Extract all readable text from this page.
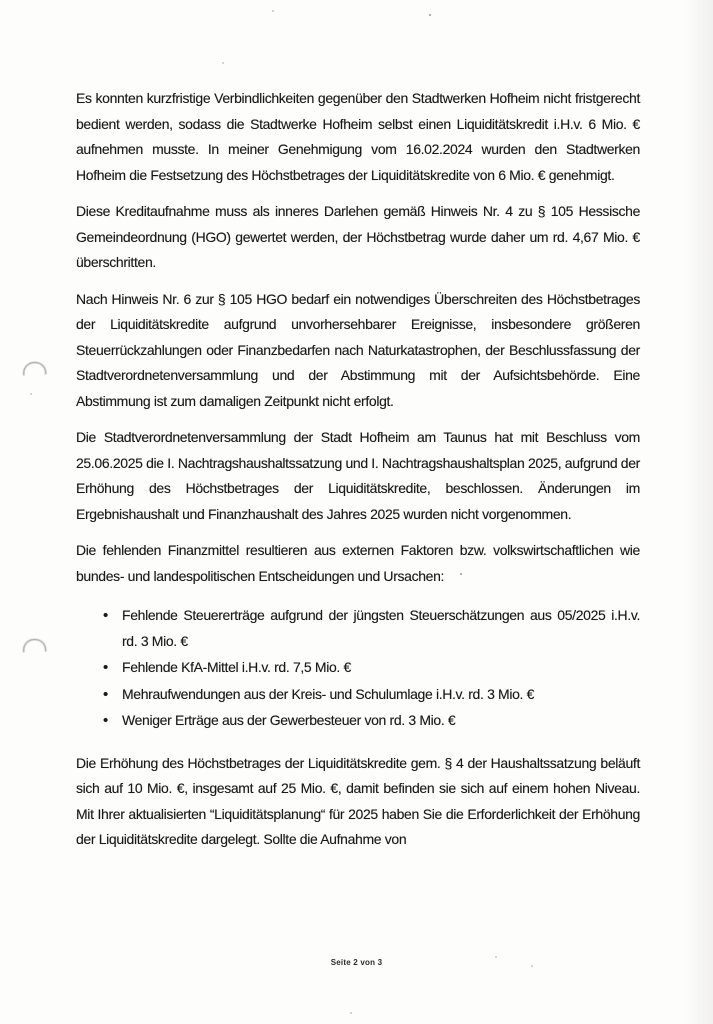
Es konnten kurzfristige Verbindlichkeiten gegenüber den Stadtwerken Hofheim nicht fristgerecht bedient werden, sodass die Stadtwerke Hofheim selbst einen Liquiditätskredit i.H.v. 6 Mio. € aufnehmen musste. In meiner Genehmigung vom 16.02.2024 wurden den Stadtwerken Hofheim die Festsetzung des Höchstbetrages der Liquiditätskredite von 6 Mio. € genehmigt.

Diese Kreditaufnahme muss als inneres Darlehen gemäß Hinweis Nr. 4 zu § 105 Hessische Gemeindeordnung (HGO) gewertet werden, der Höchstbetrag wurde daher um rd. 4,67 Mio. € überschritten.

Nach Hinweis Nr. 6 zur § 105 HGO bedarf ein notwendiges Überschreiten des Höchstbetrages der Liquiditätskredite aufgrund unvorhersehbarer Ereignisse, insbesondere größeren Steuerrückzahlungen oder Finanzbedarfen nach Naturkatastrophen, der Beschlussfassung der Stadtverordnetenversammlung und der Abstimmung mit der Aufsichtsbehörde. Eine Abstimmung ist zum damaligen Zeitpunkt nicht erfolgt.

Die Stadtverordnetenversammlung der Stadt Hofheim am Taunus hat mit Beschluss vom 25.06.2025 die I. Nachtragshaushaltssatzung und I. Nachtragshaushaltsplan 2025, aufgrund der Erhöhung des Höchstbetrages der Liquiditätskredite, beschlossen. Änderungen im Ergebnishaushalt und Finanzhaushalt des Jahres 2025 wurden nicht vorgenommen.

Die fehlenden Finanzmittel resultieren aus externen Faktoren bzw. volkswirtschaftlichen wie bundes- und landespolitischen Entscheidungen und Ursachen:

• Fehlende Steuererträge aufgrund der jüngsten Steuerschätzungen aus 05/2025 i.H.v. rd. 3 Mio. €
• Fehlende KfA-Mittel i.H.v. rd. 7,5 Mio. €
• Mehraufwendungen aus der Kreis- und Schulumlage i.H.v. rd. 3 Mio. €
• Weniger Erträge aus der Gewerbesteuer von rd. 3 Mio. €

Die Erhöhung des Höchstbetrages der Liquiditätskredite gem. § 4 der Haushaltssatzung beläuft sich auf 10 Mio. €, insgesamt auf 25 Mio. €, damit befinden sie sich auf einem hohen Niveau. Mit Ihrer aktualisierten “Liquiditätsplanung“ für 2025 haben Sie die Erforderlichkeit der Erhöhung der Liquiditätskredite dargelegt. Sollte die Aufnahme von

Seite 2 von 3
